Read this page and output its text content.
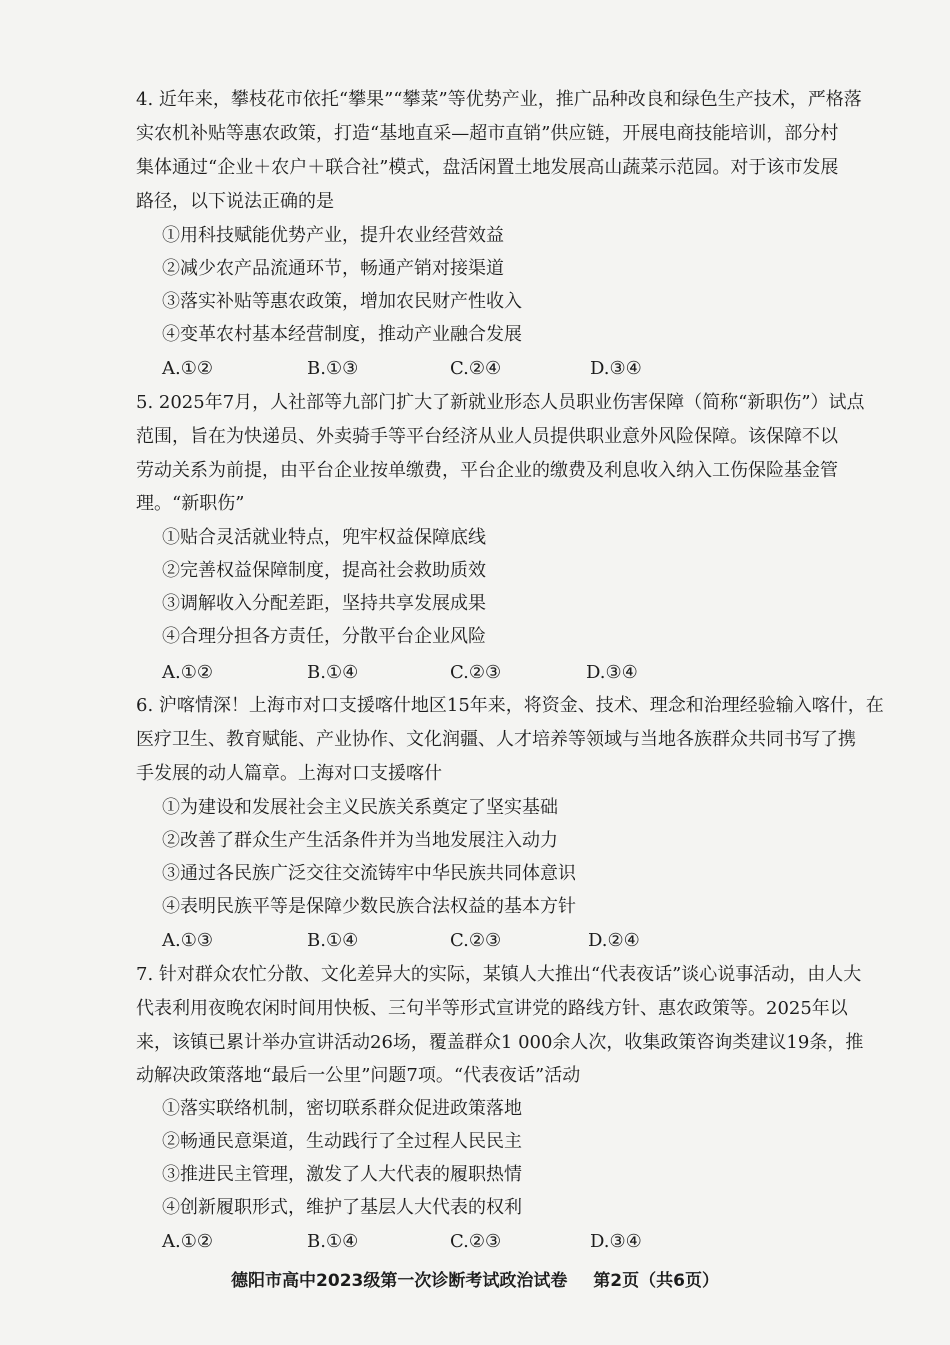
4. 近年来，攀枝花市依托“攀果”“攀菜”等优势产业，推广品种改良和绿色生产技术，严格落
实农机补贴等惠农政策，打造“基地直采—超市直销”供应链，开展电商技能培训，部分村
集体通过“企业＋农户＋联合社”模式，盘活闲置土地发展高山蔬菜示范园。对于该市发展
路径，以下说法正确的是
①用科技赋能优势产业，提升农业经营效益
②减少农产品流通环节，畅通产销对接渠道
③落实补贴等惠农政策，增加农民财产性收入
④变革农村基本经营制度，推动产业融合发展
A.①②	B.①③	C.②④	D.③④
5. 2025年7月，人社部等九部门扩大了新就业形态人员职业伤害保障（简称“新职伤”）试点
范围，旨在为快递员、外卖骑手等平台经济从业人员提供职业意外风险保障。该保障不以
劳动关系为前提，由平台企业按单缴费，平台企业的缴费及利息收入纳入工伤保险基金管
理。“新职伤”
①贴合灵活就业特点，兜牢权益保障底线
②完善权益保障制度，提高社会救助质效
③调解收入分配差距，坚持共享发展成果
④合理分担各方责任，分散平台企业风险
A.①②	B.①④	C.②③	D.③④
6. 沪喀情深！上海市对口支援喀什地区15年来，将资金、技术、理念和治理经验输入喀什，在
医疗卫生、教育赋能、产业协作、文化润疆、人才培养等领域与当地各族群众共同书写了携
手发展的动人篇章。上海对口支援喀什
①为建设和发展社会主义民族关系奠定了坚实基础
②改善了群众生产生活条件并为当地发展注入动力
③通过各民族广泛交往交流铸牢中华民族共同体意识
④表明民族平等是保障少数民族合法权益的基本方针
A.①③	B.①④	C.②③	D.②④
7. 针对群众农忙分散、文化差异大的实际，某镇人大推出“代表夜话”谈心说事活动，由人大
代表利用夜晚农闲时间用快板、三句半等形式宣讲党的路线方针、惠农政策等。2025年以
来，该镇已累计举办宣讲活动26场，覆盖群众1 000余人次，收集政策咨询类建议19条，推
动解决政策落地“最后一公里”问题7项。“代表夜话”活动
①落实联络机制，密切联系群众促进政策落地
②畅通民意渠道，生动践行了全过程人民民主
③推进民主管理，激发了人大代表的履职热情
④创新履职形式，维护了基层人大代表的权利
A.①②	B.①④	C.②③	D.③④
德阳市高中2023级第一次诊断考试政治试卷 第2页（共6页）
